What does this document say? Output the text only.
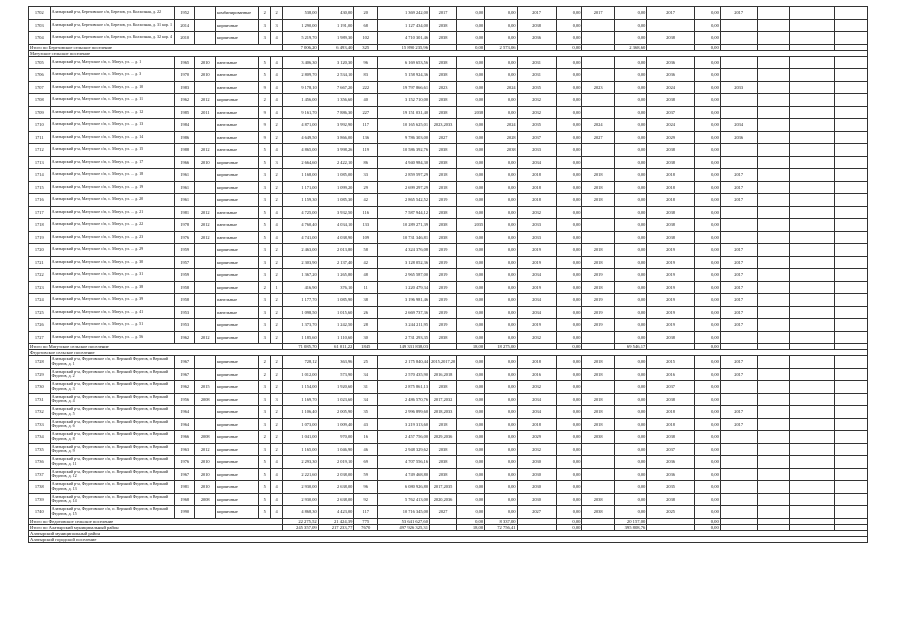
1702	Алатырский р-н, Березовское с/п, Березов, ул. Колхозная, д. 22	1952		комбинированные	2	2	538,00	430,00	20	1 369 242,00	2017	0,00	0,00	2017	0,00	2017	0,00	2017	0,00	2017			
1703	Алатырский р-н, Березовское с/п, Березов, ул. Колхозная, д. 31 кор. 1	2014		кирпичные	3	3	1 290,00	1 191,00	68	1 127 434,00	2038	0,00	0,00	2038	0,00		0,00		0,00				
1704	Алатырский р-н, Березовское с/п, Березов, ул. Колхозная, д. 32 кор. 4	2010		кирпичные	3	4	5 219,70	1 989,30	102	4 710 301,46	2038	0,00	0,00	2036	0,00		0,00	2038	0,00				
Итого по Березовское сельское поселение							7 006,20	6 493,40	325	15 890 235,96		0,00	2 573,06		0,00		2 368,60		0,00				
Матузское сельское поселение																							
1705	Алатырский р-н, Матузское с/п, с. Матуз, ул. ... д. 1	1965	2010	панельные	5	4	3 406,30	3 120,30	96	6 169 653,56	2038	0,00	0,00	2031	0,00		0,00	2036	0,00				
1706	Алатырский р-н, Матузское с/п, с. Матуз, ул. ... д. 3	1970	2010	панельные	5	4	2 809,70	2 534,10	83	5 158 924,36	2038	0,00	0,00	2031	0,00		0,00	2036	0,00				
1707	Алатырский р-н, Матузское с/п, с. Матуз, ул. ... д. 10	1983		панельные	9	4	9 178,10	7 667,20	222	19 797 866,61	2023	0,00	2024	2035	0,00	2023	0,00	2024	0,00	2033			
1708	Алатырский р-н, Матузское с/п, с. Матуз, ул. ... д. 11	1962	2012	кирпичные	2	4	1 456,00	1 356,60	40	3 152 710,00	2038	0,00	0,00	2032	0,00		0,00	2038	0,00				
1709	Алатырский р-н, Матузское с/п, с. Матуз, ул. ... д. 12	1985	2011	панельные	9	4	9 161,70	7 886,30	227	19 151 031,40	2038	2038	0,00	2032	0,00		0,00	2037	0,00				
1710	Алатырский р-н, Матузское с/п, с. Матуз, ул. ... д. 13	1984		панельные	9	2	4 871,00	3 992,90	117	10 165 625,01	2023,2033	0,00	2024	2035	0,00	2024	0,00	2024	0,00	2034			
1711	Алатырский р-н, Матузское с/п, с. Матуз, ул. ... д. 14	1986		панельные	9	2	4 649,50	3 866,00	136	9 786 303,00	2027	0,00	2028	2037	0,00	2027	0,00	2029	0,00	2036			
1712	Алатырский р-н, Матузское с/п, с. Матуз, ул. ... д. 15	1988	2012	панельные	5	4	4 865,00	3 998,26	119	10 586 392,76	2038	0,00	2038	2033	0,00		0,00	2038	0,00				
1713	Алатырский р-н, Матузское с/п, с. Матуз, ул. ... д. 17	1966	2010	кирпичные	5	3	2 664,60	2 422,10	86	4 940 984,30	2038	0,00	0,00	2034	0,00		0,00	2038	0,00				
1714	Алатырский р-н, Матузское с/п, с. Матуз, ул. ... д. 18	1961		кирпичные	3	2	1 168,00	1 085,00	33	2 859 597,29	2018	0,00	0,00	2018	0,00	2018	0,00	2018	0,00	2017			
1715	Алатырский р-н, Матузское с/п, с. Матуз, ул. ... д. 19	1961		кирпичные	3	2	1 171,00	1 099,20	29	2 699 297,29	2018	0,00	0,00	2018	0,00	2018	0,00	2018	0,00	2017			
1716	Алатырский р-н, Матузское с/п, с. Матуз, ул. ... д. 20	1961		кирпичные	3	2	1 159,30	1 085,30	42	2 865 542,52	2019	0,00	0,00	2018	0,00	2018	0,00	2018	0,00	2017			
1717	Алатырский р-н, Матузское с/п, с. Матуз, ул. ... д. 21	1981	2012	панельные	5	4	4 725,00	3 932,50	116	7 587 944,12	2038	0,00	0,00	2032	0,00		0,00	2038	0,00				
1718	Алатырский р-н, Матузское с/п, с. Матуз, ул. ... д. 22	1978	2012	панельные	5	4	4 760,40	4 034,10	133	10 289 271,39	2038	2035	0,00	2033	0,00		0,00	2038	0,00				
1719	Алатырский р-н, Матузское с/п, с. Матуз, ул. ... д. 23	1976	2012	панельные	5	4	4 741,00	4 038,90	109	10 731 346,81	2038	0,00	0,00	2033	0,00		0,00	2038	0,00				
1720	Алатырский р-н, Матузское с/п, с. Матуз, ул. ... д. 29	1959		кирпичные	3	2	2 463,00	2 013,80	58	4 324 376,08	2019	0,00	0,00	2019	0,00	2018	0,00	2019	0,00	2017			
1721	Алатырский р-н, Матузское с/п, с. Матуз, ул. ... д. 30	1957		кирпичные	3	2	2 303,90	2 137,40	42	3 128 052,36	2019	0,00	0,00	2019	0,00	2018	0,00	2019	0,00	2017			
1722	Алатырский р-н, Матузское с/п, с. Матуз, ул. ... д. 31	1959		кирпичные	3	2	1 367,20	1 265,80	48	2 965 587,00	2019	0,00	0,00	2034	0,00	2019	0,00	2019	0,00	2017			
1723	Алатырский р-н, Матузское с/п, с. Матуз, ул. ... д. 38	1958		кирпичные	2	1	416,90	376,10	11	1 220 479,34	2019	0,00	0,00	2019	0,00	2018	0,00	2019	0,00	2017			
1724	Алатырский р-н, Матузское с/п, с. Матуз, ул. ... д. 39	1958		панельные	3	2	1 177,70	1 085,90	38	3 196 981,46	2019	0,00	0,00	2034	0,00	2019	0,00	2019	0,00	2017			
1725	Алатырский р-н, Матузское с/п, с. Матуз, ул. ... д. 41	1953		панельные	3	2	1 098,50	1 015,60	26	2 669 737,36	2019	0,00	0,00	2034	0,00	2019	0,00	2019	0,00	2017			
1726	Алатырский р-н, Матузское с/п, с. Матуз, ул. ... д. 51	1953		кирпичные	3	2	1 373,70	1 242,50	28	3 244 211,95	2019	0,00	0,00	2019	0,00	2019	0,00	2019	0,00	2017			
1727	Алатырский р-н, Матузское с/п, с. Матуз, ул. ... д. 56	1962	2012	кирпичные	3	2	1 185,60	1 110,60	30	2 731 293,35	2038	0,00	0,00	2032	0,00		0,00	2038	0,00				
Итого по Матузское сельское поселение							71 085,70	61 011,22	1845	149 331 838,03		18,00	18 275,00		0,00		69 546,17		0,00				
Федотовское сельское поселение																							
1728	Алатырский р-н, Федотовское с/п, п. Верхний Федотов, п Верхний Федотов, д. 1	1967		кирпичные	2	2	728,12	363,96	25	2 175 840,44	2015,2017,20	0,00	0,00	2018	0,00	2018	0,00	2015	0,00	2017			
1729	Алатырский р-н, Федотовское с/п, п. Верхний Федотов, п Верхний Федотов, д. 2	1967		кирпичные	2	2	1 012,00	573,90	34	2 570 435,90	2016,2018	0,00	0,00	2016	0,00	2018	0,00	2016	0,00	2017			
1730	Алатырский р-н, Федотовское с/п, п. Верхний Федотов, п Верхний Федотов, д. 3	1962	2015	кирпичные	3	2	1 154,00	1 920,60	31	2 875 861,13	2038	0,00	0,00	2032	0,00		0,00	2037	0,00				
1731	Алатырский р-н, Федотовское с/п, п. Верхний Федотов, п Верхний Федотов, д. 4	1956	2008	кирпичные	3	3	1 169,70	1 023,60	34	2 486 570,76	2017,2032	0,00	0,00	2034	0,00	2018	0,00	2038	0,00				
1732	Алатырский р-н, Федотовское с/п, п. Верхний Федотов, п Верхний Федотов, д. 5	1964		кирпичные	3	2	1 106,40	2 005,90	35	2 996 899,60	2018,2033	0,00	0,00	2034	0,00	2018	0,00	2018	0,00	2017			
1733	Алатырский р-н, Федотовское с/п, п. Верхний Федотов, п Верхний Федотов, д. 6	1964		кирпичные	3	2	1 073,00	1 009,40	43	3 219 313,60	2018	0,00	0,00	2018	0,00	2018	0,00	2018	0,00	2017			
1734	Алатырский р-н, Федотовское с/п, п. Верхний Федотов, п Верхний Федотов, д. 8	1966	2008	кирпичные	2	2	1 041,00	970,00	16	2 457 756,00	2029,2036	0,00	0,00	2029	0,00	2038	0,00	2038	0,00				
1735	Алатырский р-н, Федотовское с/п, п. Верхний Федотов, п Верхний Федотов, д. 9	1963	2012	кирпичные	3	2	1 165,00	1 046,90	46	2 948 329,62	2038	0,00	0,00	2032	0,00		0,00	2037	0,00				
1736	Алатырский р-н, Федотовское с/п, п. Верхний Федотов, п Верхний Федотов, д. 11	1976	2010	кирпичные	5	4	2 293,30	2 019,10	69	4 707 556,16	2038	0,00	0,00	2030	0,00		0,00	2036	0,00				
1737	Алатырский р-н, Федотовское с/п, п. Верхний Федотов, п Верхний Федотов, д. 12	1967	2010	кирпичные	5	4	2 221,60	2 038,00	59	4 749 468,80	2038	0,00	0,00	2030	0,00		0,00	2036	0,00				
1738	Алатырский р-н, Федотовское с/п, п. Верхний Федотов, п Верхний Федотов, д. 13	1981	2010	кирпичные	5	4	2 930,00	2 638,00	96	6 080 926,80	2017,2035	0,00	0,00	2030	0,00		0,00	2035	0,00				
1739	Алатырский р-н, Федотовское с/п, п. Верхний Федотов, п Верхний Федотов, д. 14	1968	2008	кирпичные	5	4	2 930,00	2 638,00	92	5 762 413,00	2020,2036	0,00	0,00	2030	0,00	2038	0,00	2038	0,00				
1740	Алатырский р-н, Федотовское с/п, п. Верхний Федотов, п Верхний Федотов, д. 15	1990		кирпичные	5	4	4 868,30	4 423,00	117	10 716 345,00	2027	0,00	0,00	2027	0,00	2038	0,00	2025	0,00				
Итого по Федотовское сельское поселение							22 275,52	21 424,39	775	53 641 627,60		0,00	8 337,00		0,00		20 157,00		0,00				
Итого по Алатырский муниципальный район							245 357,09	217 233,77	7670	497 926 325,31		18,00	72 756,41		0,00		395 808,76		0,00				
Алатырский муниципальный район																							
Алатырский городской поселение																							
